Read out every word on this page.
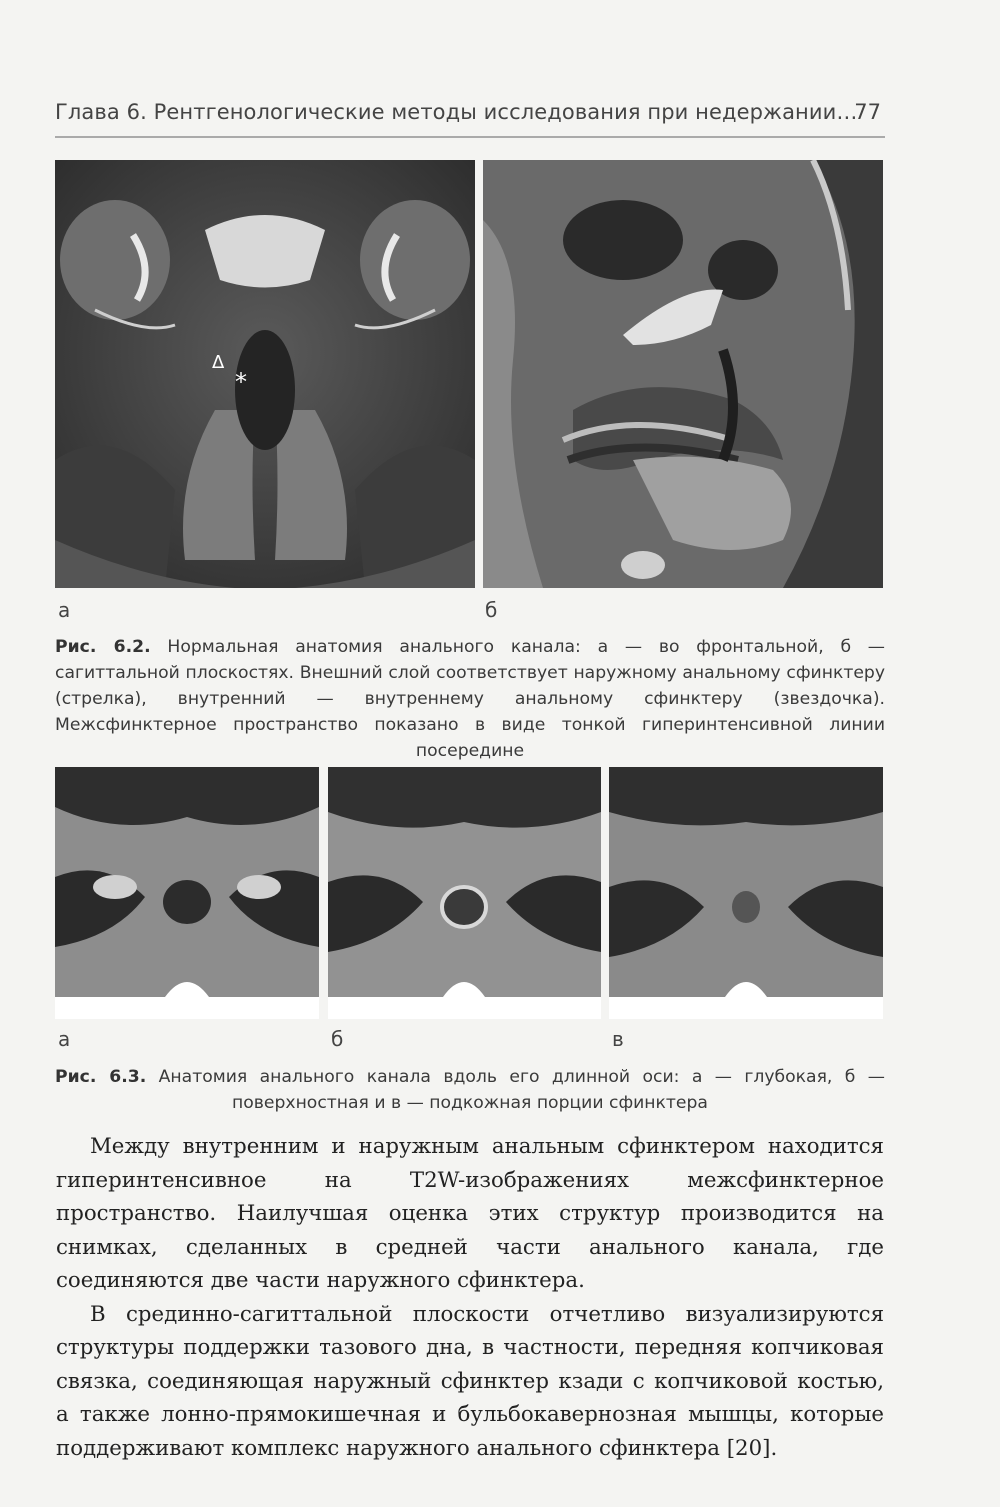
Глава 6. Рентгенологические методы исследования при недержании…
77
Δ
*
а	б
Рис. 6.2. Нормальная анатомия анального канала: а — во фронтальной, б — сагиттальной плоскостях. Внешний слой соответствует наружному анальному сфинктеру (стрелка), внутренний — внутреннему анальному сфинктеру (звездочка). Межсфинктерное пространство показано в виде тонкой гиперинтенсивной линии посередине
а	б	в
Рис. 6.3. Анатомия анального канала вдоль его длинной оси: а — глубокая, б — поверхностная и в — подкожная порции сфинктера

Между внутренним и наружным анальным сфинктером находится гиперинтенсивное на T2W-изображениях межсфинктерное пространство. Наилучшая оценка этих структур производится на снимках, сделанных в средней части анального канала, где соединяются две части наружного сфинктера.

В срединно-сагиттальной плоскости отчетливо визуализируются структуры поддержки тазового дна, в частности, передняя копчиковая связка, соединяющая наружный сфинктер кзади с копчиковой костью, а также лонно-прямокишечная и бульбокавернозная мышцы, которые поддерживают комплекс наружного анального сфинктера [20].
